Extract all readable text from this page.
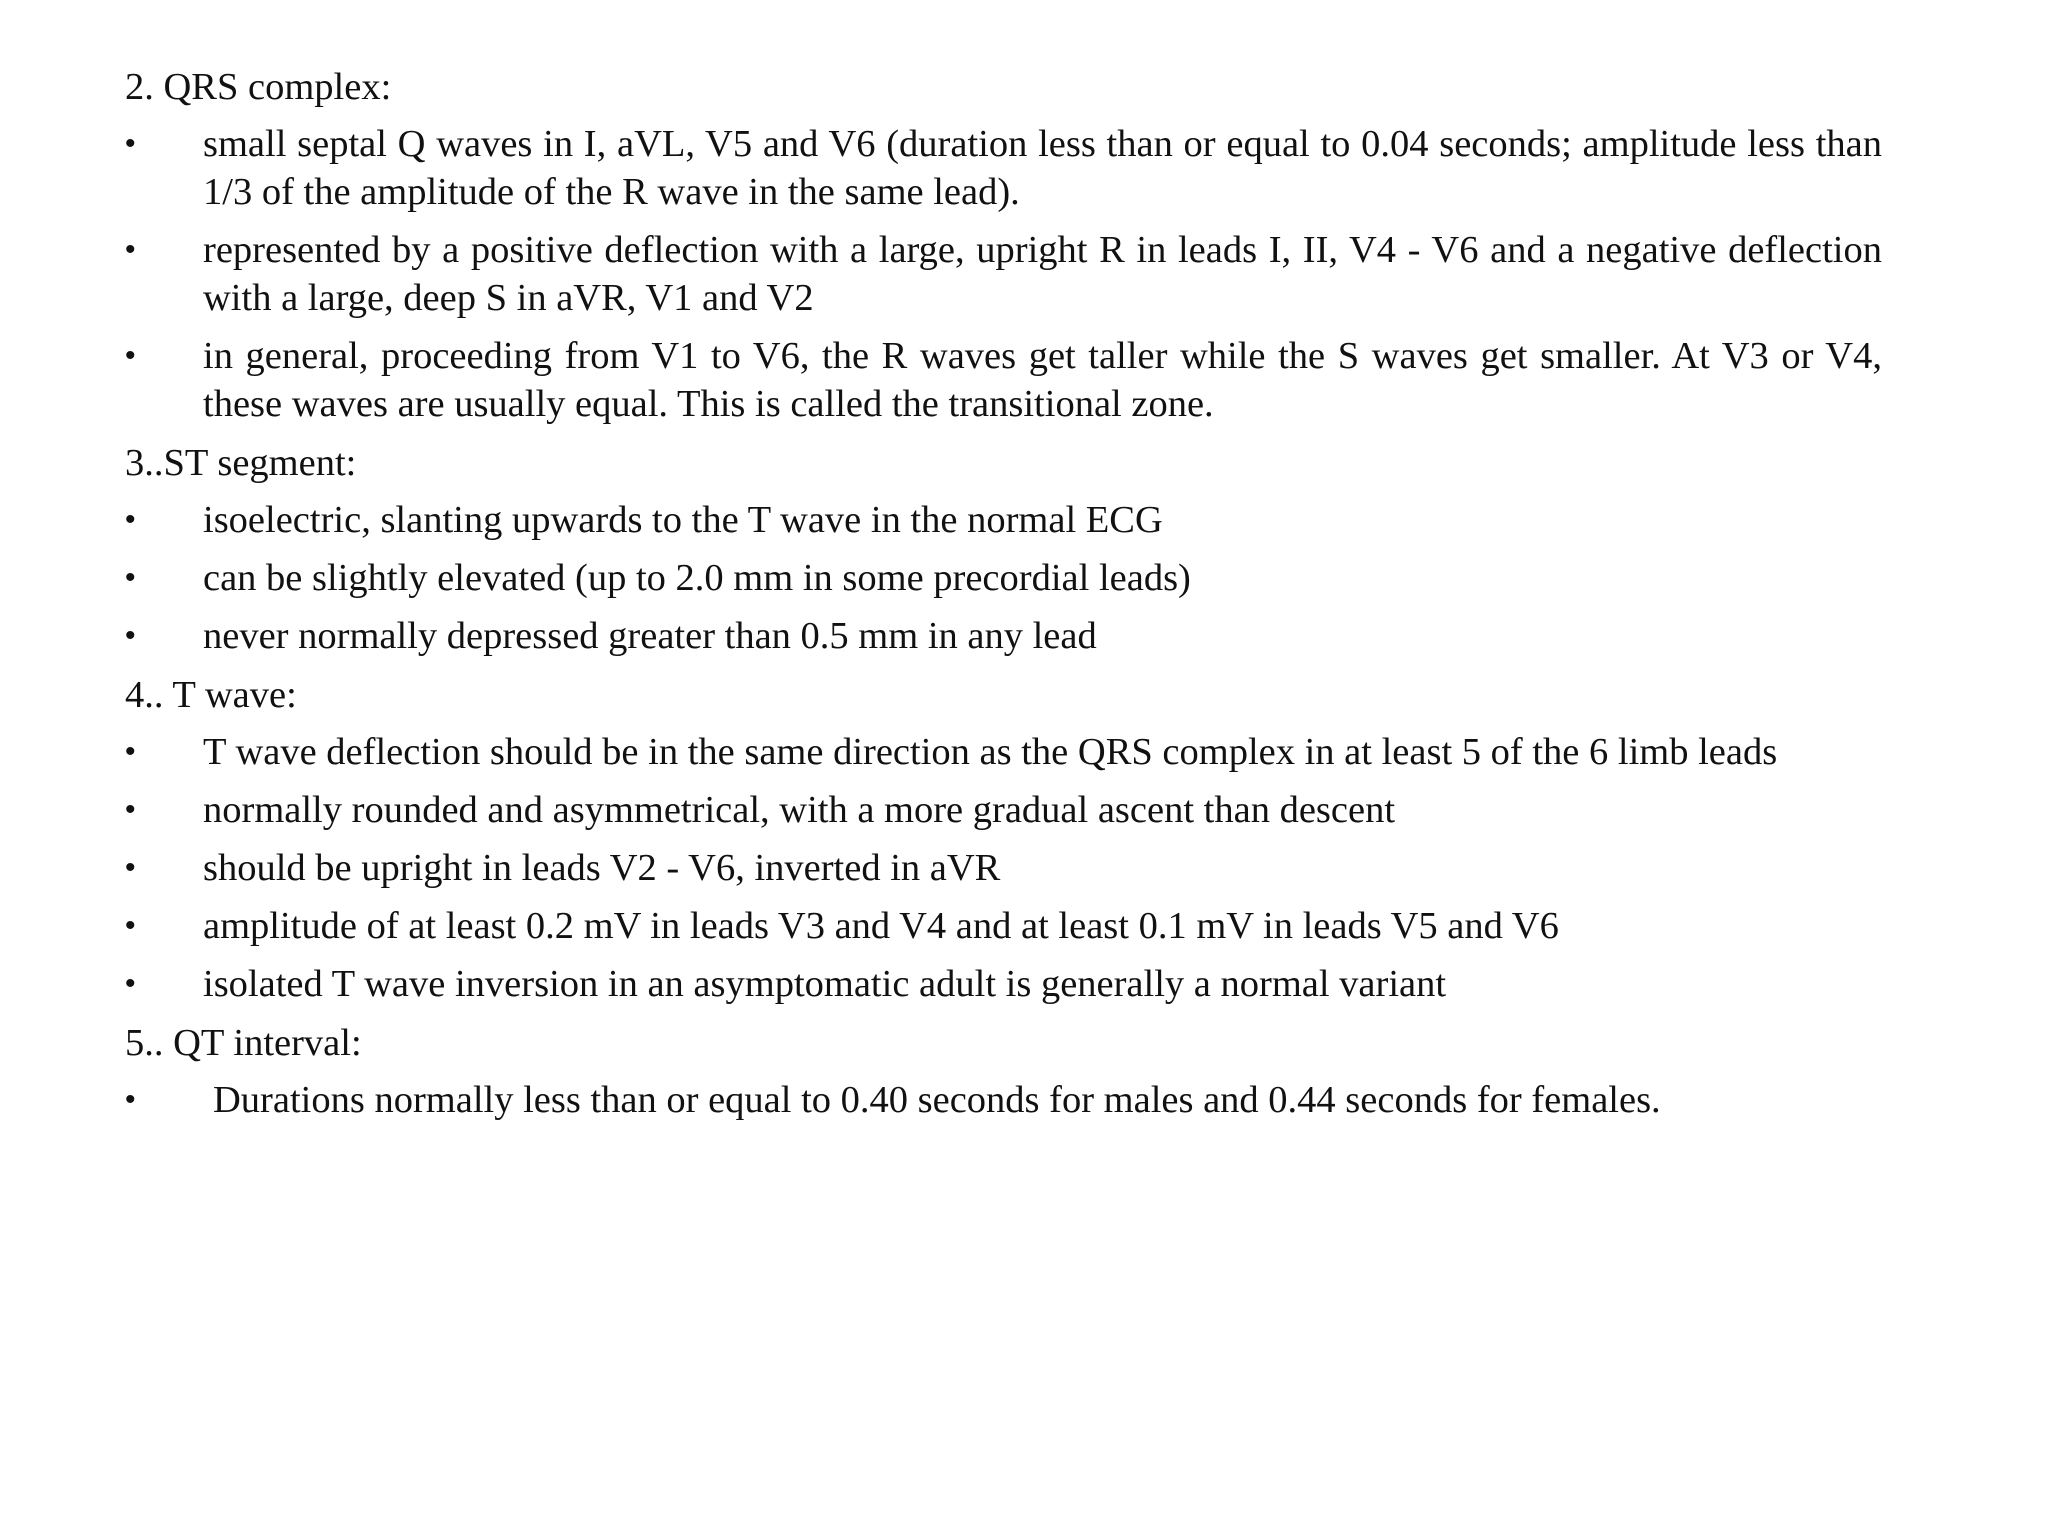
2. QRS complex:
• small septal Q waves in I, aVL, V5 and V6 (duration less than or equal to 0.04 seconds; amplitude less than 1/3 of the amplitude of the R wave in the same lead).
• represented by a positive deflection with a large, upright R in leads I, II, V4 - V6 and a negative deflection with a large, deep S in aVR, V1 and V2
• in general, proceeding from V1 to V6, the R waves get taller while the S waves get smaller. At V3 or V4, these waves are usually equal. This is called the transitional zone.
3..ST segment:
• isoelectric, slanting upwards to the T wave in the normal ECG
• can be slightly elevated (up to 2.0 mm in some precordial leads)
• never normally depressed greater than 0.5 mm in any lead
4.. T wave:
• T wave deflection should be in the same direction as the QRS complex in at least 5 of the 6 limb leads
• normally rounded and asymmetrical, with a more gradual ascent than descent
• should be upright in leads V2 - V6, inverted in aVR
• amplitude of at least 0.2 mV in leads V3 and V4 and at least 0.1 mV in leads V5 and V6
• isolated T wave inversion in an asymptomatic adult is generally a normal variant
5.. QT interval:
• Durations normally less than or equal to 0.40 seconds for males and 0.44 seconds for females.
